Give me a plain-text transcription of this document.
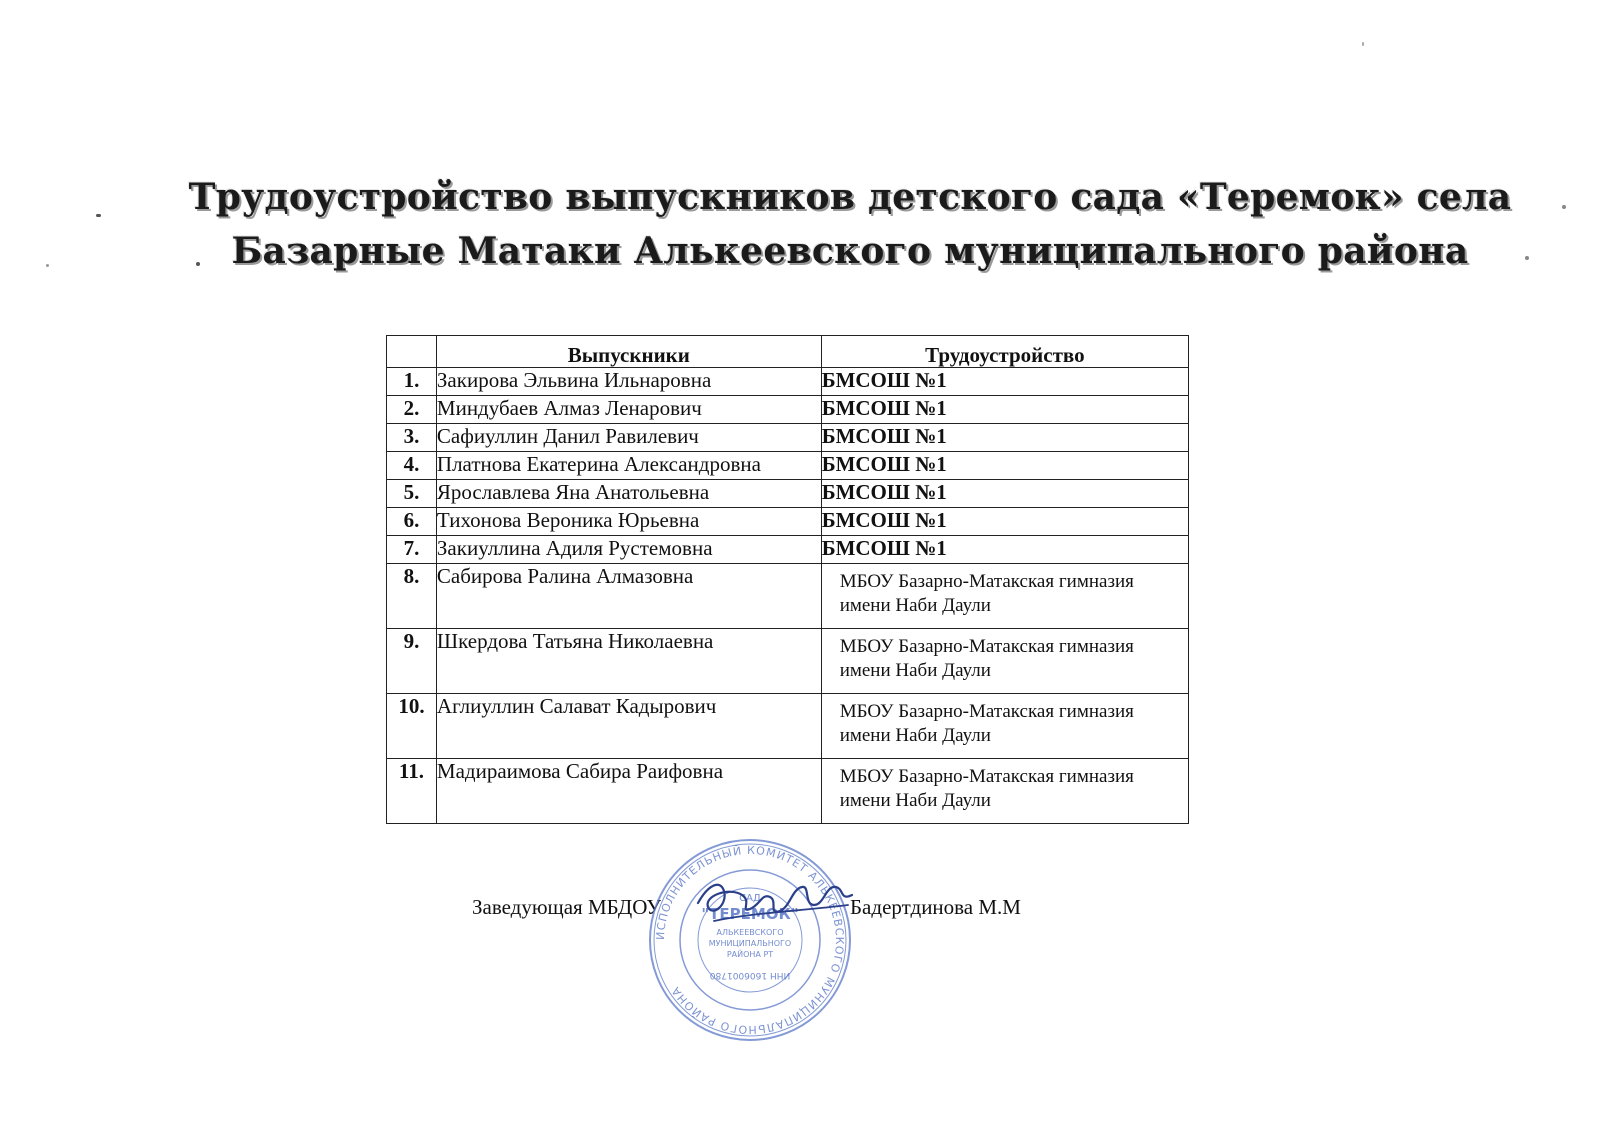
Трудоустройство выпускников детского сада «Теремок» села
Базарные Матаки Алькеевского муниципального района
	Выпускники	Трудоустройство
1.	Закирова Эльвина Ильнаровна	БМСОШ №1
2.	Миндубаев Алмаз Ленарович	БМСОШ №1
3.	Сафиуллин Данил Равилевич	БМСОШ №1
4.	Платнова Екатерина Александровна	БМСОШ №1
5.	Ярославлева Яна Анатольевна	БМСОШ №1
6.	Тихонова Вероника Юрьевна	БМСОШ №1
7.	Закиуллина Адиля Рустемовна	БМСОШ №1
8.	Сабирова Ралина Алмазовна	МБОУ Базарно-Матакская гимназия имени Наби Даули
9.	Шкердова Татьяна Николаевна	МБОУ Базарно-Матакская гимназия имени Наби Даули
10.	Аглиуллин Салават Кадырович	МБОУ Базарно-Матакская гимназия имени Наби Даули
11.	Мадираимова Сабира Раифовна	МБОУ Базарно-Матакская гимназия имени Наби Даули
Заведующая МБДОУ	Бадертдинова М.М
ИСПОЛНИТЕЛЬНЫЙ КОМИТЕТ АЛЬКЕЕВСКОГО МУНИЦИПАЛЬНОГО РАЙОНА
САД
"ТЕРЕМОК"
АЛЬКЕЕВСКОГО
МУНИЦИПАЛЬНОГО
РАЙОНА РТ
ИНН 1606001780
